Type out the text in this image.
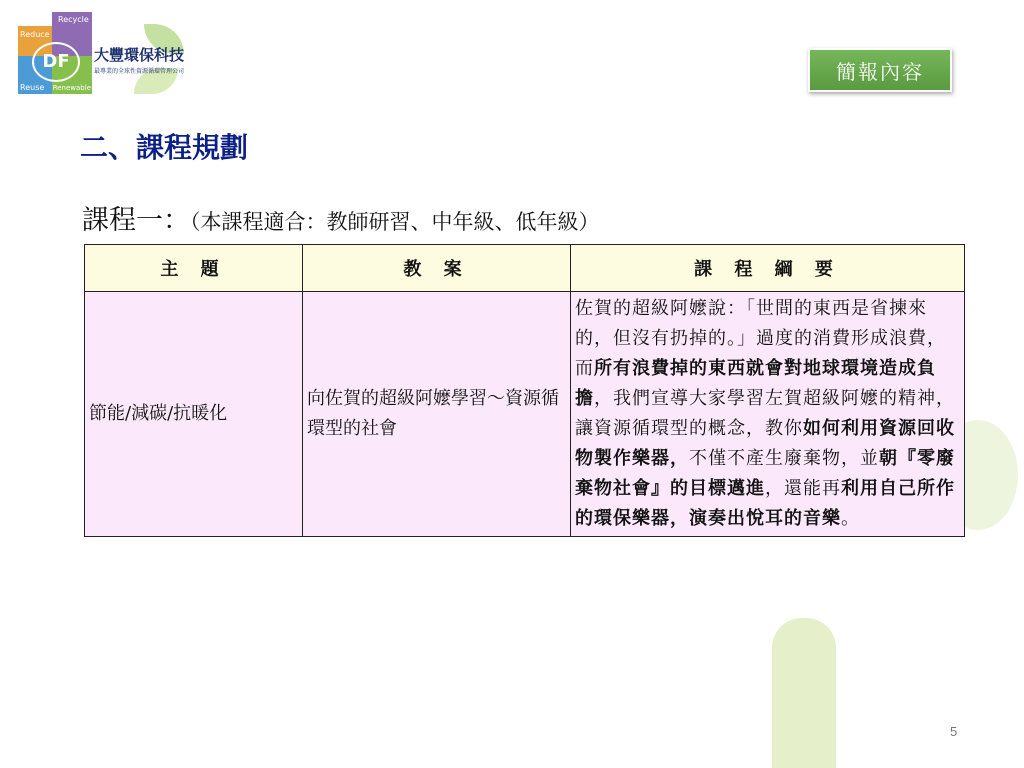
Reduce
Recycle
Reuse Renewable
DF	大豐環保科技
最專業的全球性資源循環管理公司	簡報內容
二、課程規劃
課程一：（本課程適合：教師研習、中年級、低年級）
主 題	教 案	課 程 綱 要
節能/減碳/抗暖化	向佐賀的超級阿嬤學習～資源循環型的社會	佐賀的超級阿嬤說：「世間的東西是省揀來的，但沒有扔掉的。」過度的消費形成浪費，而所有浪費掉的東西就會對地球環境造成負擔，我們宣導大家學習左賀超級阿嬤的精神，讓資源循環型的概念，教你如何利用資源回收物製作樂器，不僅不產生廢棄物，並朝『零廢棄物社會』的目標邁進，還能再利用自己所作的環保樂器，演奏出悅耳的音樂。
5
